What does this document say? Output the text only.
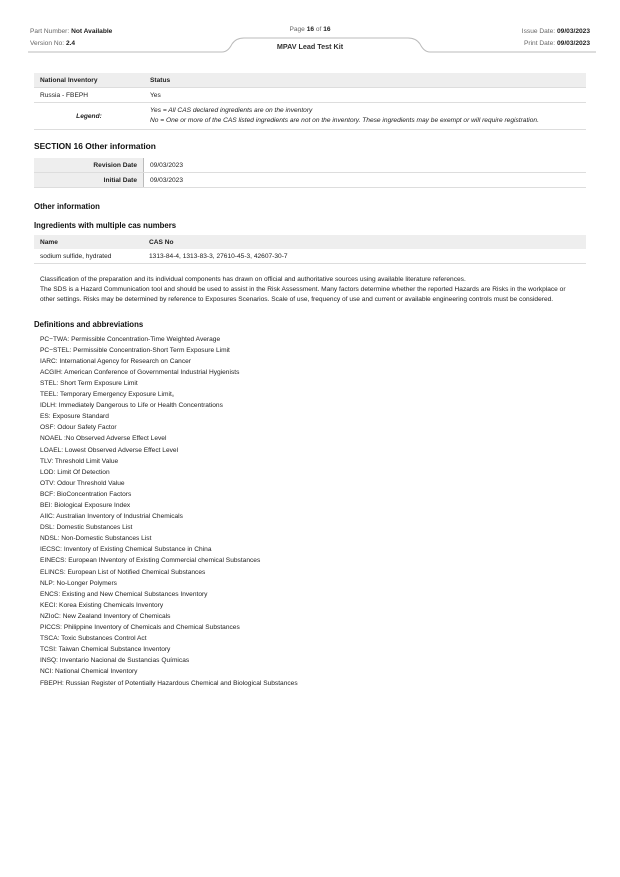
Part Number: Not Available
Version No: 2.4
Page 16 of 16	Issue Date: 09/03/2023
Print Date: 09/03/2023
MPAV Lead Test Kit
National Inventory	Status
Russia - FBEPH	Yes
Legend:	Yes = All CAS declared ingredients are on the inventory
No = One or more of the CAS listed ingredients are not on the inventory. These ingredients may be exempt or will require registration.
SECTION 16 Other information
Revision Date	09/03/2023
Initial Date	09/03/2023
Other information
Ingredients with multiple cas numbers
Name	CAS No
sodium sulfide, hydrated	1313-84-4, 1313-83-3, 27610-45-3, 42607-30-7
Classification of the preparation and its individual components has drawn on official and authoritative sources using available literature references.
The SDS is a Hazard Communication tool and should be used to assist in the Risk Assessment. Many factors determine whether the reported Hazards are Risks in the workplace or other settings. Risks may be determined by reference to Exposures Scenarios. Scale of use, frequency of use and current or available engineering controls must be considered.
Definitions and abbreviations
PC−TWA: Permissible Concentration-Time Weighted Average
PC−STEL: Permissible Concentration-Short Term Exposure Limit
IARC: International Agency for Research on Cancer
ACGIH: American Conference of Governmental Industrial Hygienists
STEL: Short Term Exposure Limit
TEEL: Temporary Emergency Exposure Limit。
IDLH: Immediately Dangerous to Life or Health Concentrations
ES: Exposure Standard
OSF: Odour Safety Factor
NOAEL :No Observed Adverse Effect Level
LOAEL: Lowest Observed Adverse Effect Level
TLV: Threshold Limit Value
LOD: Limit Of Detection
OTV: Odour Threshold Value
BCF: BioConcentration Factors
BEI: Biological Exposure Index
AIIC: Australian Inventory of Industrial Chemicals
DSL: Domestic Substances List
NDSL: Non-Domestic Substances List
IECSC: Inventory of Existing Chemical Substance in China
EINECS: European INventory of Existing Commercial chemical Substances
ELINCS: European List of Notified Chemical Substances
NLP: No-Longer Polymers
ENCS: Existing and New Chemical Substances Inventory
KECI: Korea Existing Chemicals Inventory
NZIoC: New Zealand Inventory of Chemicals
PICCS: Philippine Inventory of Chemicals and Chemical Substances
TSCA: Toxic Substances Control Act
TCSI: Taiwan Chemical Substance Inventory
INSQ: Inventario Nacional de Sustancias Químicas
NCI: National Chemical Inventory
FBEPH: Russian Register of Potentially Hazardous Chemical and Biological Substances
